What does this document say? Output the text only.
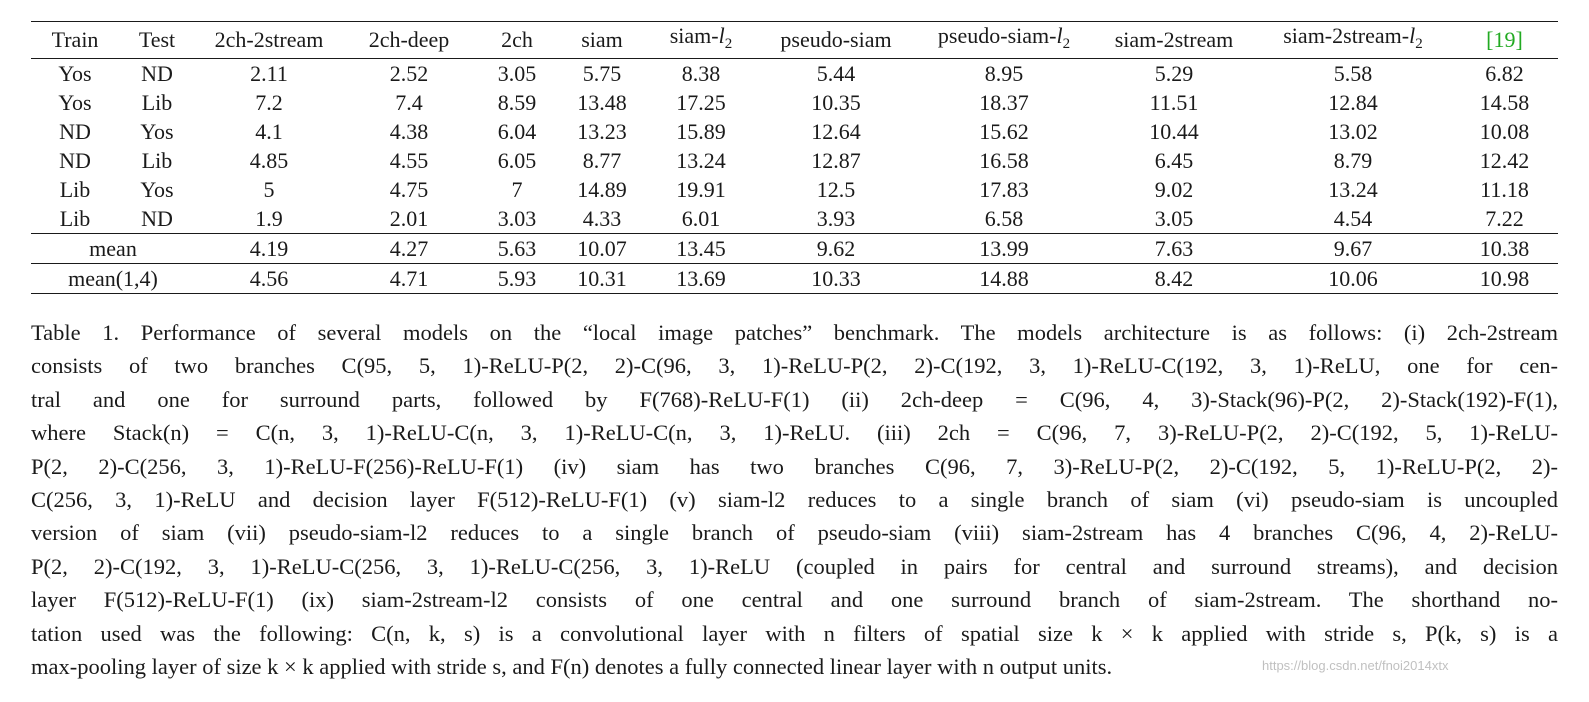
Train	Test	2ch-2stream	2ch-deep	2ch	siam	siam-$l_2$	pseudo-siam	pseudo-$siam-l_2$	siam-2stream	siam-$2stream-l_2$	[19]
Yos	ND	2.11	2.52	3.05	5.75	8.38	5.44	8.95	5.29	5.58	6.82
Yos	Lib	7.2	7.4	8.59	13.48	17.25	10.35	18.37	11.51	12.84	14.58
ND	Yos	4.1	4.38	6.04	13.23	15.89	12.64	15.62	10.44	13.02	10.08
ND	Lib	4.85	4.55	6.05	8.77	13.24	12.87	16.58	6.45	8.79	12.42
Lib	Yos	5	4.75	7	14.89	19.91	12.5	17.83	9.02	13.24	11.18
Lib	ND	1.9	2.01	3.03	4.33	6.01	3.93	6.58	3.05	4.54	7.22
mean		4.19	4.27	5.63	10.07	13.45	9.62	13.99	7.63	9.67	10.38
mean(1,4)		4.56	4.71	5.93	10.31	13.69	10.33	14.88	8.42	10.06	10.98
Table 1. Performance of several models on the “local image patches” benchmark. The models architecture is as follows: (i) 2ch-2stream
consists of two branches C(95, 5, 1)-ReLU-P(2, 2)-C(96, 3, 1)-ReLU-P(2, 2)-C(192, 3, 1)-ReLU-C(192, 3, 1)-ReLU, one for cen-
tral and one for surround parts, followed by F(768)-ReLU-F(1) (ii) 2ch-deep = C(96, 4, 3)-Stack(96)-P(2, 2)-Stack(192)-F(1),
where Stack(n) = C(n, 3, 1)-ReLU-C(n, 3, 1)-ReLU-C(n, 3, 1)-ReLU. (iii) 2ch = C(96, 7, 3)-ReLU-P(2, 2)-C(192, 5, 1)-ReLU-
P(2, 2)-C(256, 3, 1)-ReLU-F(256)-ReLU-F(1) (iv) siam has two branches C(96, 7, 3)-ReLU-P(2, 2)-C(192, 5, 1)-ReLU-P(2, 2)-
C(256, 3, 1)-ReLU and decision layer F(512)-ReLU-F(1) (v) siam-l2 reduces to a single branch of siam (vi) pseudo-siam is uncoupled
version of siam (vii) pseudo-siam-l2 reduces to a single branch of pseudo-siam (viii) siam-2stream has 4 branches C(96, 4, 2)-ReLU-
P(2, 2)-C(192, 3, 1)-ReLU-C(256, 3, 1)-ReLU-C(256, 3, 1)-ReLU (coupled in pairs for central and surround streams), and decision
layer F(512)-ReLU-F(1) (ix) siam-2stream-l2 consists of one central and one surround branch of siam-2stream. The shorthand no-
tation used was the following: C(n, k, s) is a convolutional layer with n filters of spatial size k × k applied with stride s, P(k, s) is a
max-pooling layer of size k × k applied with stride s, and F(n) denotes a fully connected linear layer with n output units.	https://blog.csdn.net/fnoi2014xtx
